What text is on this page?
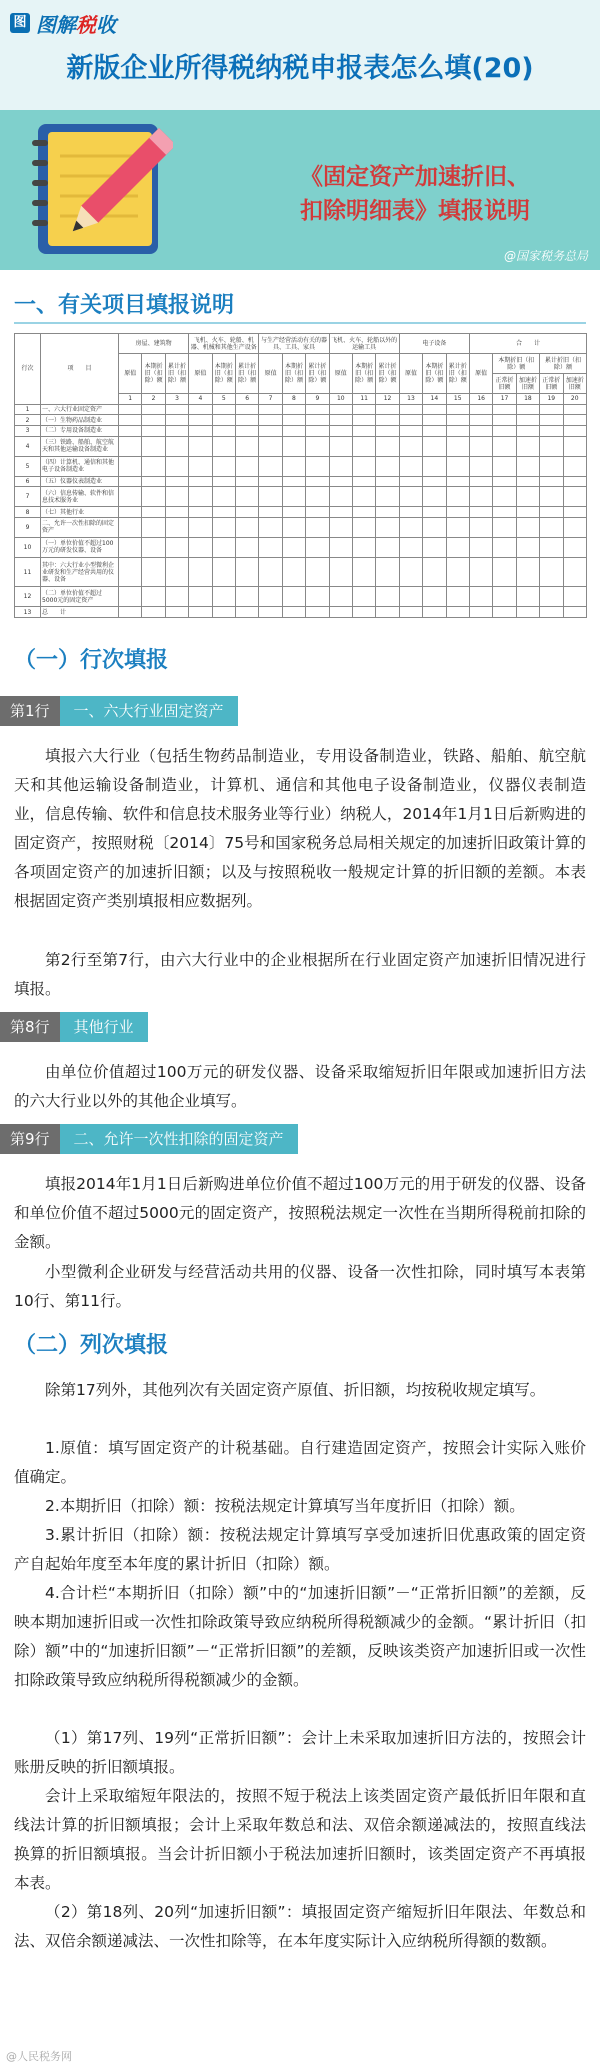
图 图解税收
新版企业所得税纳税申报表怎么填(20)
《固定资产加速折旧、
扣除明细表》填报说明
@国家税务总局
一、有关项目填报说明
行次	项　　目	房屋、建筑物			飞机、火车、轮船、机器、机械和其他生产设备			与生产经营活动有关的器具、工具、家具			飞机、火车、轮船以外的运输工具			电子设备			合　　计				
		原值	本期折旧（扣除）额	累计折旧（扣除）额	原值	本期折旧（扣除）额	累计折旧（扣除）额	原值	本期折旧（扣除）额	累计折旧（扣除）额	原值	本期折旧（扣除）额	累计折旧（扣除）额	原值	本期折旧（扣除）额	累计折旧（扣除）额	原值	本期折旧（扣除）额		累计折旧（扣除）额	
																		正常折旧额	加速折旧额	正常折旧额	加速折旧额
		1	2	3	4	5	6	7	8	9	10	11	12	13	14	15	16	17	18	19	20
1	一、六大行业固定资产																				
2	（一）生物药品制造业																				
3	（二）专用设备制造业																				
4	（三）铁路、船舶、航空航天和其他运输设备制造业																				
5	（四）计算机、通信和其他电子设备制造业																				
6	（五）仪器仪表制造业																				
7	（六）信息传输、软件和信息技术服务业																				
8	（七）其他行业																				
9	二、允许一次性扣除的固定资产																				
10	（一）单位价值不超过100万元的研发仪器、设备																				
11	其中：六大行业小型微利企业研发和生产经营共用的仪器、设备																				
12	（二）单位价值不超过5000元的固定资产																				
13	总　　计																				
（一）行次填报
第1行	一、六大行业固定资产
填报六大行业（包括生物药品制造业，专用设备制造业，铁路、船舶、航空航天和其他运输设备制造业，计算机、通信和其他电子设备制造业，仪器仪表制造业，信息传输、软件和信息技术服务业等行业）纳税人，2014年1月1日后新购进的固定资产，按照财税〔2014〕75号和国家税务总局相关规定的加速折旧政策计算的各项固定资产的加速折旧额；以及与按照税收一般规定计算的折旧额的差额。本表根据固定资产类别填报相应数据列。
第2行至第7行，由六大行业中的企业根据所在行业固定资产加速折旧情况进行填报。
第8行	其他行业
由单位价值超过100万元的研发仪器、设备采取缩短折旧年限或加速折旧方法的六大行业以外的其他企业填写。
第9行	二、允许一次性扣除的固定资产
填报2014年1月1日后新购进单位价值不超过100万元的用于研发的仪器、设备和单位价值不超过5000元的固定资产，按照税法规定一次性在当期所得税前扣除的金额。
小型微利企业研发与经营活动共用的仪器、设备一次性扣除，同时填写本表第10行、第11行。
（二）列次填报
除第17列外，其他列次有关固定资产原值、折旧额，均按税收规定填写。
1.原值：填写固定资产的计税基础。自行建造固定资产，按照会计实际入账价值确定。
2.本期折旧（扣除）额：按税法规定计算填写当年度折旧（扣除）额。
3.累计折旧（扣除）额：按税法规定计算填写享受加速折旧优惠政策的固定资产自起始年度至本年度的累计折旧（扣除）额。
4.合计栏“本期折旧（扣除）额”中的“加速折旧额”－“正常折旧额”的差额，反映本期加速折旧或一次性扣除政策导致应纳税所得税额减少的金额。“累计折旧（扣除）额”中的“加速折旧额”－“正常折旧额”的差额，反映该类资产加速折旧或一次性扣除政策导致应纳税所得税额减少的金额。
（1）第17列、19列“正常折旧额”：会计上未采取加速折旧方法的，按照会计账册反映的折旧额填报。
会计上采取缩短年限法的，按照不短于税法上该类固定资产最低折旧年限和直线法计算的折旧额填报；会计上采取年数总和法、双倍余额递减法的，按照直线法换算的折旧额填报。当会计折旧额小于税法加速折旧额时，该类固定资产不再填报本表。
（2）第18列、20列“加速折旧额”：填报固定资产缩短折旧年限法、年数总和法、双倍余额递减法、一次性扣除等，在本年度实际计入应纳税所得额的数额。
@人民税务网
